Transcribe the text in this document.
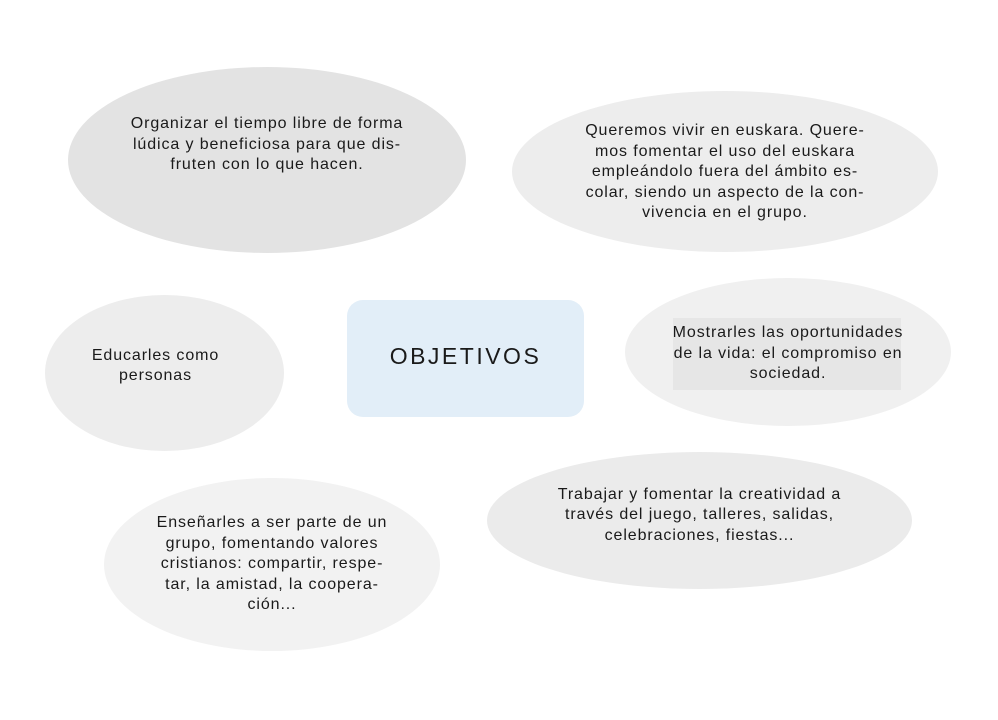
Organizar el tiempo libre de forma
lúdica y beneficiosa para que dis-
fruten con lo que hacen.
Queremos vivir en euskara. Quere-
mos fomentar el uso del euskara
empleándolo fuera del ámbito es-
colar, siendo un aspecto de la con-
vivencia en el grupo.
Educarles como
personas
Mostrarles las oportunidades
de la vida: el compromiso en
sociedad.
Enseñarles a ser parte de un
grupo, fomentando valores
cristianos: compartir, respe-
tar, la amistad, la coopera-
ción...
Trabajar y fomentar la creatividad a
través del juego, talleres, salidas,
celebraciones, fiestas...
OBJETIVOS
